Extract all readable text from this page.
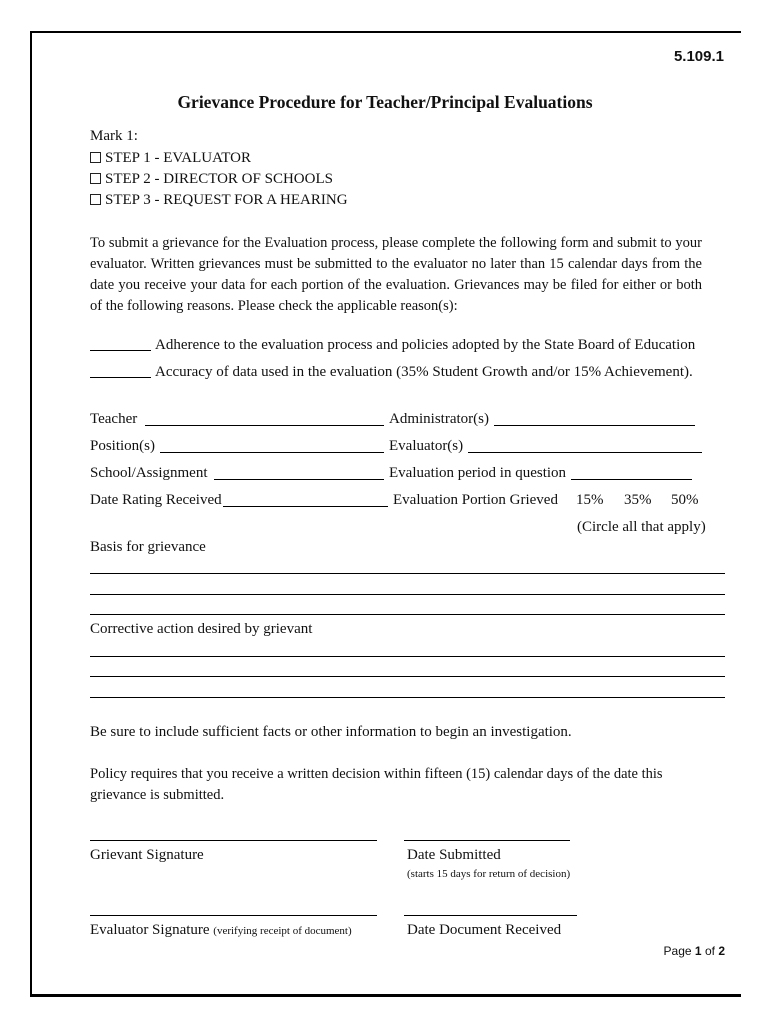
5.109.1
Grievance Procedure for Teacher/Principal Evaluations
Mark 1:
STEP 1 - EVALUATOR
STEP 2 - DIRECTOR OF SCHOOLS
STEP 3 - REQUEST FOR A HEARING
To submit a grievance for the Evaluation process, please complete the following form and submit to your evaluator. Written grievances must be submitted to the evaluator no later than 15 calendar days from the date you receive your data for each portion of the evaluation. Grievances may be filed for either or both of the following reasons. Please check the applicable reason(s):
Adherence to the evaluation process and policies adopted by the State Board of Education
Accuracy of data used in the evaluation (35% Student Growth and/or 15% Achievement).
Teacher	Administrator(s)
Position(s)	Evaluator(s)
School/Assignment	Evaluation period in question
Date Rating Received	Evaluation Portion Grieved 15% 35% 50%
(Circle all that apply)
Basis for grievance
Corrective action desired by grievant
Be sure to include sufficient facts or other information to begin an investigation.
Policy requires that you receive a written decision within fifteen (15) calendar days of the date this grievance is submitted.
Grievant Signature	Date Submitted
(starts 15 days for return of decision)
Evaluator Signature (verifying receipt of document)	Date Document Received
Page 1 of 2
